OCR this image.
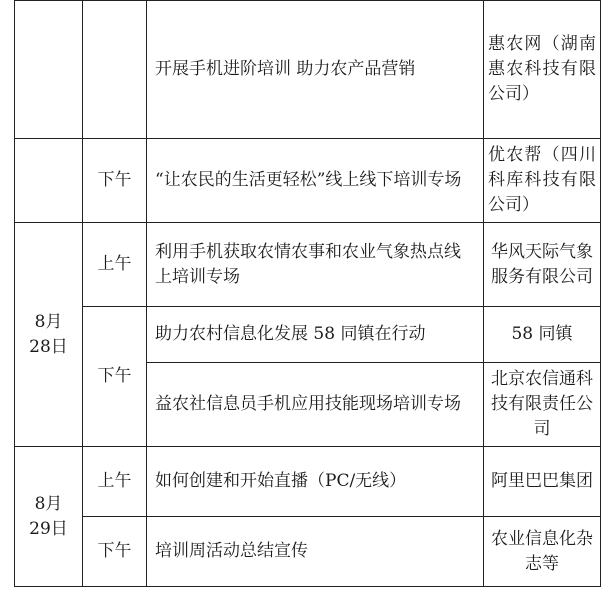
		开展手机进阶培训 助力农产品营销	惠农网（湖南惠农科技有限公司）
	下午	“让农民的生活更轻松”线上线下培训专场	优农帮（四川科库科技有限公司）
8月28日	上午	利用手机获取农情农事和农业气象热点线上培训专场	华风天际气象服务有限公司
	下午	助力农村信息化发展 58 同镇在行动	58 同镇
		益农社信息员手机应用技能现场培训专场	北京农信通科技有限责任公司
8月29日	上午	如何创建和开始直播（PC/无线）	阿里巴巴集团
	下午	培训周活动总结宣传	农业信息化杂志等
